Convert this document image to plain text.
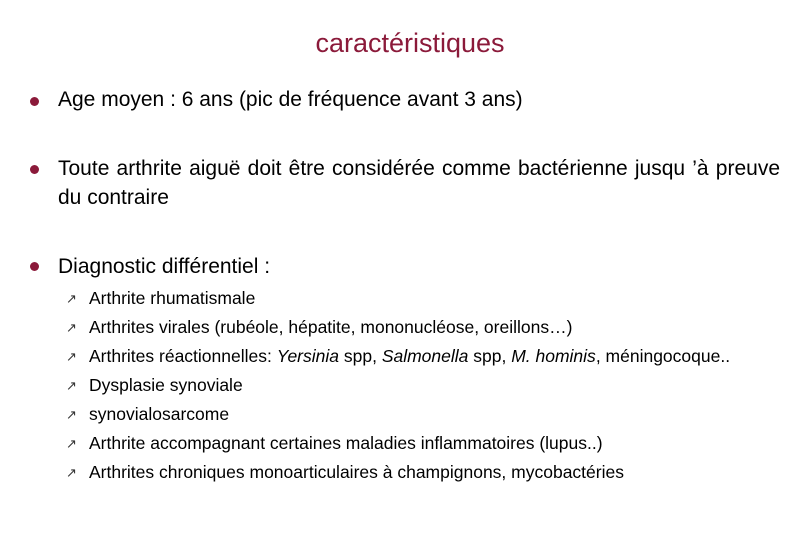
caractéristiques
Age moyen : 6 ans (pic de fréquence avant 3 ans)
Toute arthrite aiguë doit être considérée comme bactérienne jusqu ’à preuve du contraire
Diagnostic différentiel :
↗ Arthrite rhumatismale
↗ Arthrites virales (rubéole, hépatite, mononucléose, oreillons…)
↗ Arthrites réactionnelles: Yersinia spp, Salmonella spp, M. hominis, méningocoque..
↗ Dysplasie synoviale
↗ synovialosarcome
↗ Arthrite accompagnant certaines maladies inflammatoires (lupus..)
↗ Arthrites chroniques monoarticulaires à champignons, mycobactéries
